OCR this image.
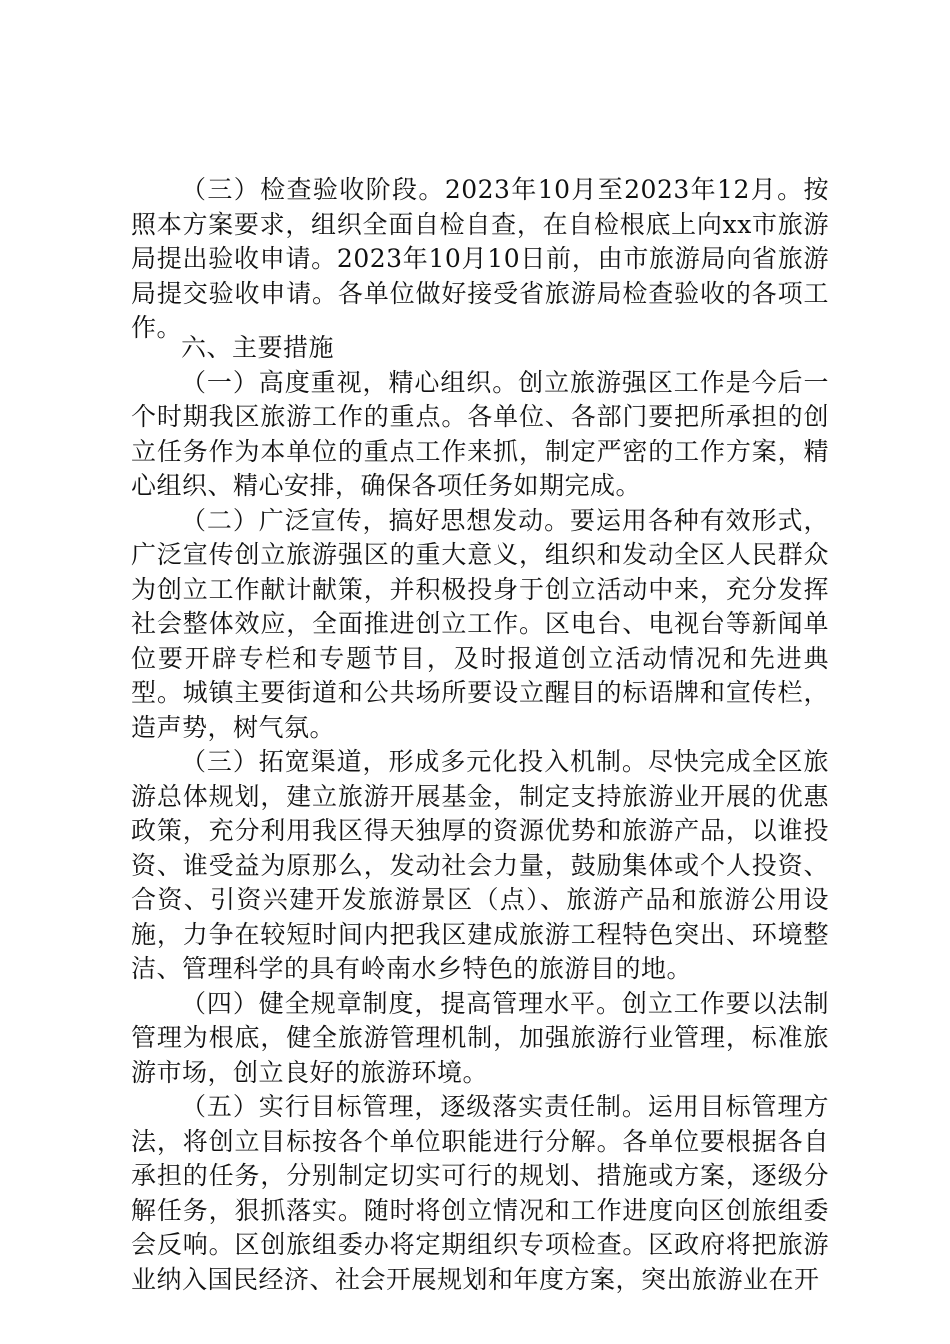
（三）检查验收阶段。2023年10月至2023年12月。按照本方案要求，组织全面自检自查，在自检根底上向xx市旅游局提出验收申请。2023年10月10日前，由市旅游局向省旅游局提交验收申请。各单位做好接受省旅游局检查验收的各项工作。

六、主要措施

（一）高度重视，精心组织。创立旅游强区工作是今后一个时期我区旅游工作的重点。各单位、各部门要把所承担的创立任务作为本单位的重点工作来抓，制定严密的工作方案，精心组织、精心安排，确保各项任务如期完成。

（二）广泛宣传，搞好思想发动。要运用各种有效形式，广泛宣传创立旅游强区的重大意义，组织和发动全区人民群众为创立工作献计献策，并积极投身于创立活动中来，充分发挥社会整体效应，全面推进创立工作。区电台、电视台等新闻单位要开辟专栏和专题节目，及时报道创立活动情况和先进典型。城镇主要街道和公共场所要设立醒目的标语牌和宣传栏，造声势，树气氛。

（三）拓宽渠道，形成多元化投入机制。尽快完成全区旅游总体规划，建立旅游开展基金，制定支持旅游业开展的优惠政策，充分利用我区得天独厚的资源优势和旅游产品，以谁投资、谁受益为原那么，发动社会力量，鼓励集体或个人投资、合资、引资兴建开发旅游景区（点）、旅游产品和旅游公用设施，力争在较短时间内把我区建成旅游工程特色突出、环境整洁、管理科学的具有岭南水乡特色的旅游目的地。

（四）健全规章制度，提高管理水平。创立工作要以法制管理为根底，健全旅游管理机制，加强旅游行业管理，标准旅游市场，创立良好的旅游环境。

（五）实行目标管理，逐级落实责任制。运用目标管理方法，将创立目标按各个单位职能进行分解。各单位要根据各自承担的任务，分别制定切实可行的规划、措施或方案，逐级分解任务，狠抓落实。随时将创立情况和工作进度向区创旅组委会反响。区创旅组委办将定期组织专项检查。区政府将把旅游业纳入国民经济、社会开展规划和年度方案，突出旅游业在开
